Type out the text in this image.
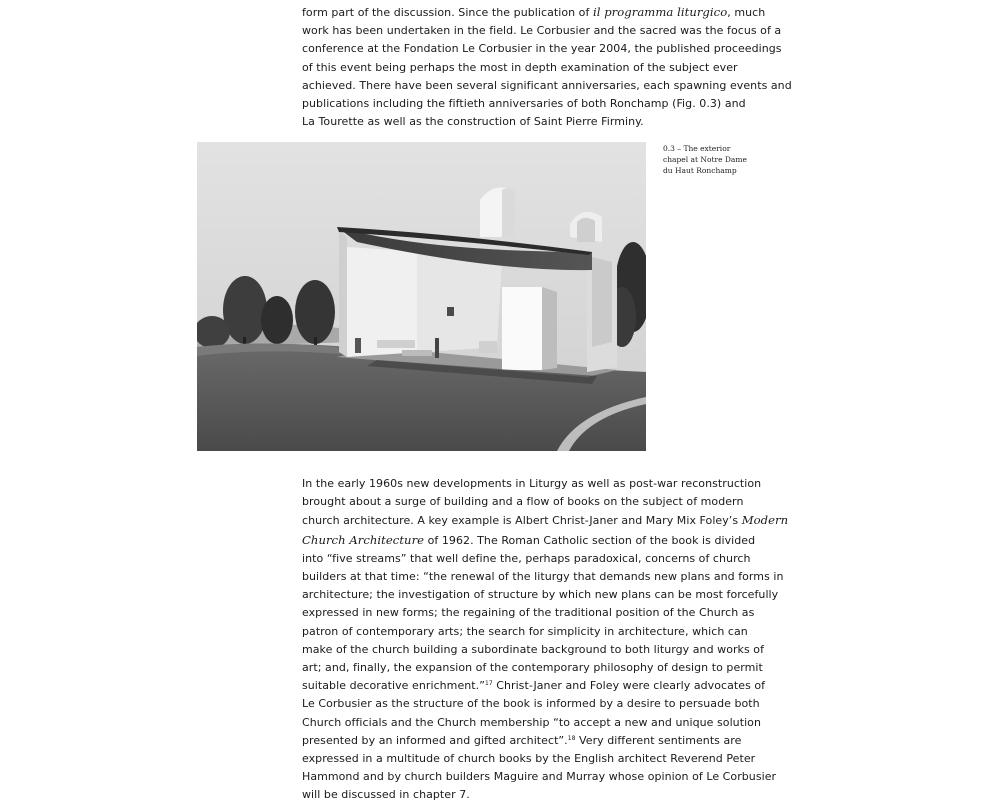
form part of the discussion. Since the publication of il programma liturgico, much
work has been undertaken in the field. Le Corbusier and the sacred was the focus of a
conference at the Fondation Le Corbusier in the year 2004, the published proceedings
of this event being perhaps the most in depth examination of the subject ever
achieved. There have been several significant anniversaries, each spawning events and
publications including the fiftieth anniversaries of both Ronchamp (Fig. 0.3) and
La Tourette as well as the construction of Saint Pierre Firminy.
0.3 – The exterior
chapel at Notre Dame
du Haut Ronchamp
In the early 1960s new developments in Liturgy as well as post-war reconstruction
brought about a surge of building and a flow of books on the subject of modern
church architecture. A key example is Albert Christ-Janer and Mary Mix Foley’s Modern
Church Architecture of 1962. The Roman Catholic section of the book is divided
into “five streams” that well define the, perhaps paradoxical, concerns of church
builders at that time: “the renewal of the liturgy that demands new plans and forms in
architecture; the investigation of structure by which new plans can be most forcefully
expressed in new forms; the regaining of the traditional position of the Church as
patron of contemporary arts; the search for simplicity in architecture, which can
make of the church building a subordinate background to both liturgy and works of
art; and, finally, the expansion of the contemporary philosophy of design to permit
suitable decorative enrichment.”$^{17}$ Christ-Janer and Foley were clearly advocates of
Le Corbusier as the structure of the book is informed by a desire to persuade both
Church officials and the Church membership “to accept a new and unique solution
presented by an informed and gifted architect”.$^{18}$ Very different sentiments are
expressed in a multitude of church books by the English architect Reverend Peter
Hammond and by church builders Maguire and Murray whose opinion of Le Corbusier
will be discussed in chapter 7.
